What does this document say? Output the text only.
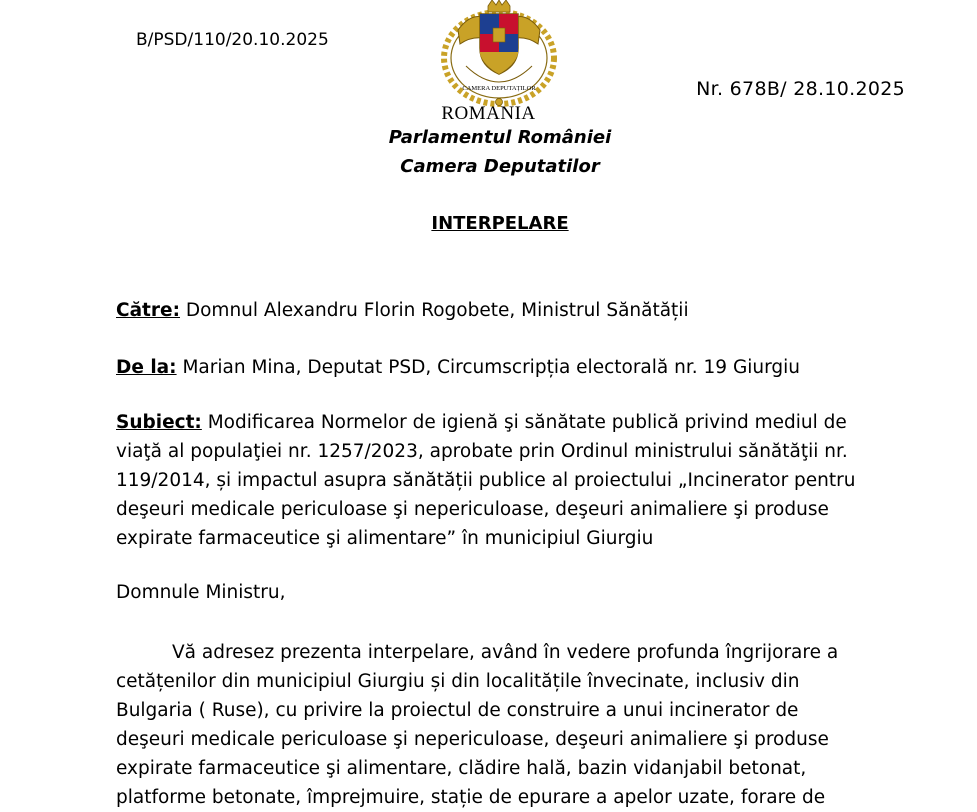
B/PSD/110/20.10.2025
CAMERA DEPUTAȚILOR	Nr. 678B/ 28.10.2025
ROMANIA
Parlamentul României
Camera Deputatilor
INTERPELARE
Către: Domnul Alexandru Florin Rogobete, Ministrul Sănătății
De la: Marian Mina, Deputat PSD, Circumscripția electorală nr. 19 Giurgiu
Subiect: Modificarea Normelor de igienă şi sănătate publică privind mediul de
viaţă al populaţiei nr. 1257/2023, aprobate prin Ordinul ministrului sănătăţii nr.
119/2014, și impactul asupra sănătății publice al proiectului „Incinerator pentru
deşeuri medicale periculoase şi nepericuloase, deşeuri animaliere şi produse
expirate farmaceutice şi alimentare” în municipiul Giurgiu
Domnule Ministru,
Vă adresez prezenta interpelare, având în vedere profunda îngrijorare a
cetățenilor din municipiul Giurgiu și din localitățile învecinate, inclusiv din
Bulgaria ( Ruse), cu privire la proiectul de construire a unui incinerator de
deşeuri medicale periculoase şi nepericuloase, deşeuri animaliere şi produse
expirate farmaceutice şi alimentare, clădire hală, bazin vidanjabil betonat,
platforme betonate, împrejmuire, stație de epurare a apelor uzate, forare de
